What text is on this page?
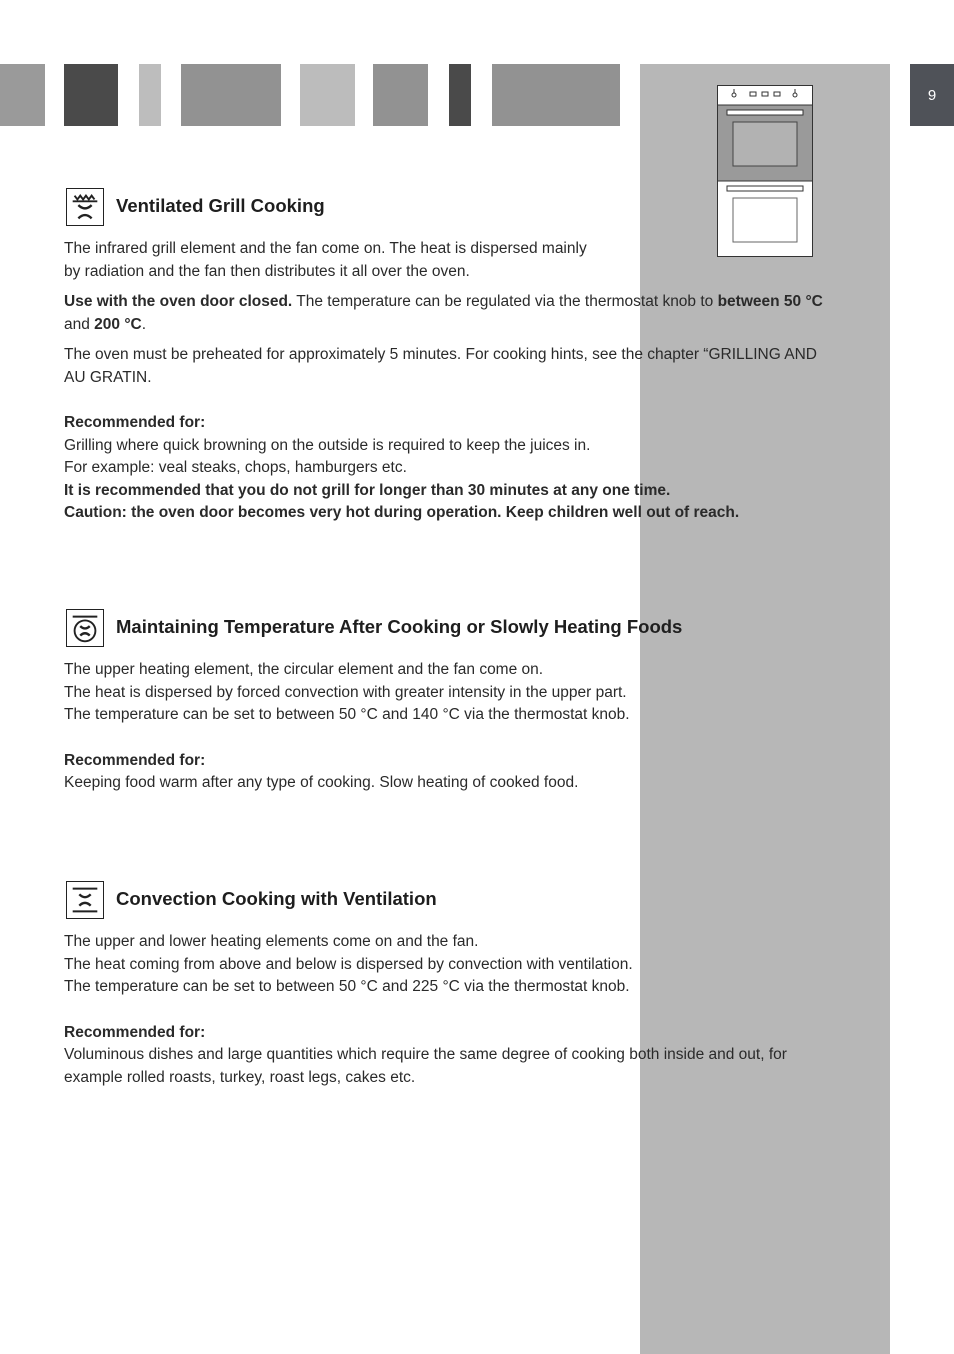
9
Ventilated Grill Cooking

The infrared grill element and the fan come on. The heat is dispersed mainly
by radiation and the fan then distributes it all over the oven.

Use with the oven door closed. The temperature can be regulated via the thermostat knob to between 50 °C and 200 °C.

The oven must be preheated for approximately 5 minutes. For cooking hints, see the chapter “GRILLING AND AU GRATIN.

Recommended for:

Grilling where quick browning on the outside is required to keep the juices in.

For example: veal steaks, chops, hamburgers etc.

It is recommended that you do not grill for longer than 30 minutes at any one time.

Caution: the oven door becomes very hot during operation. Keep children well out of reach.

Maintaining Temperature After Cooking or Slowly Heating Foods

The upper heating element, the circular element and the fan come on.

The heat is dispersed by forced convection with greater intensity in the upper part.

The temperature can be set to between 50 °C and 140 °C via the thermostat knob.

Recommended for:

Keeping food warm after any type of cooking. Slow heating of cooked food.

Convection Cooking with Ventilation

The upper and lower heating elements come on and the fan.

The heat coming from above and below is dispersed by convection with ventilation.

The temperature can be set to between 50 °C and 225 °C via the thermostat knob.

Recommended for:

Voluminous dishes and large quantities which require the same degree of cooking both inside and out, for example rolled roasts, turkey, roast legs, cakes etc.
